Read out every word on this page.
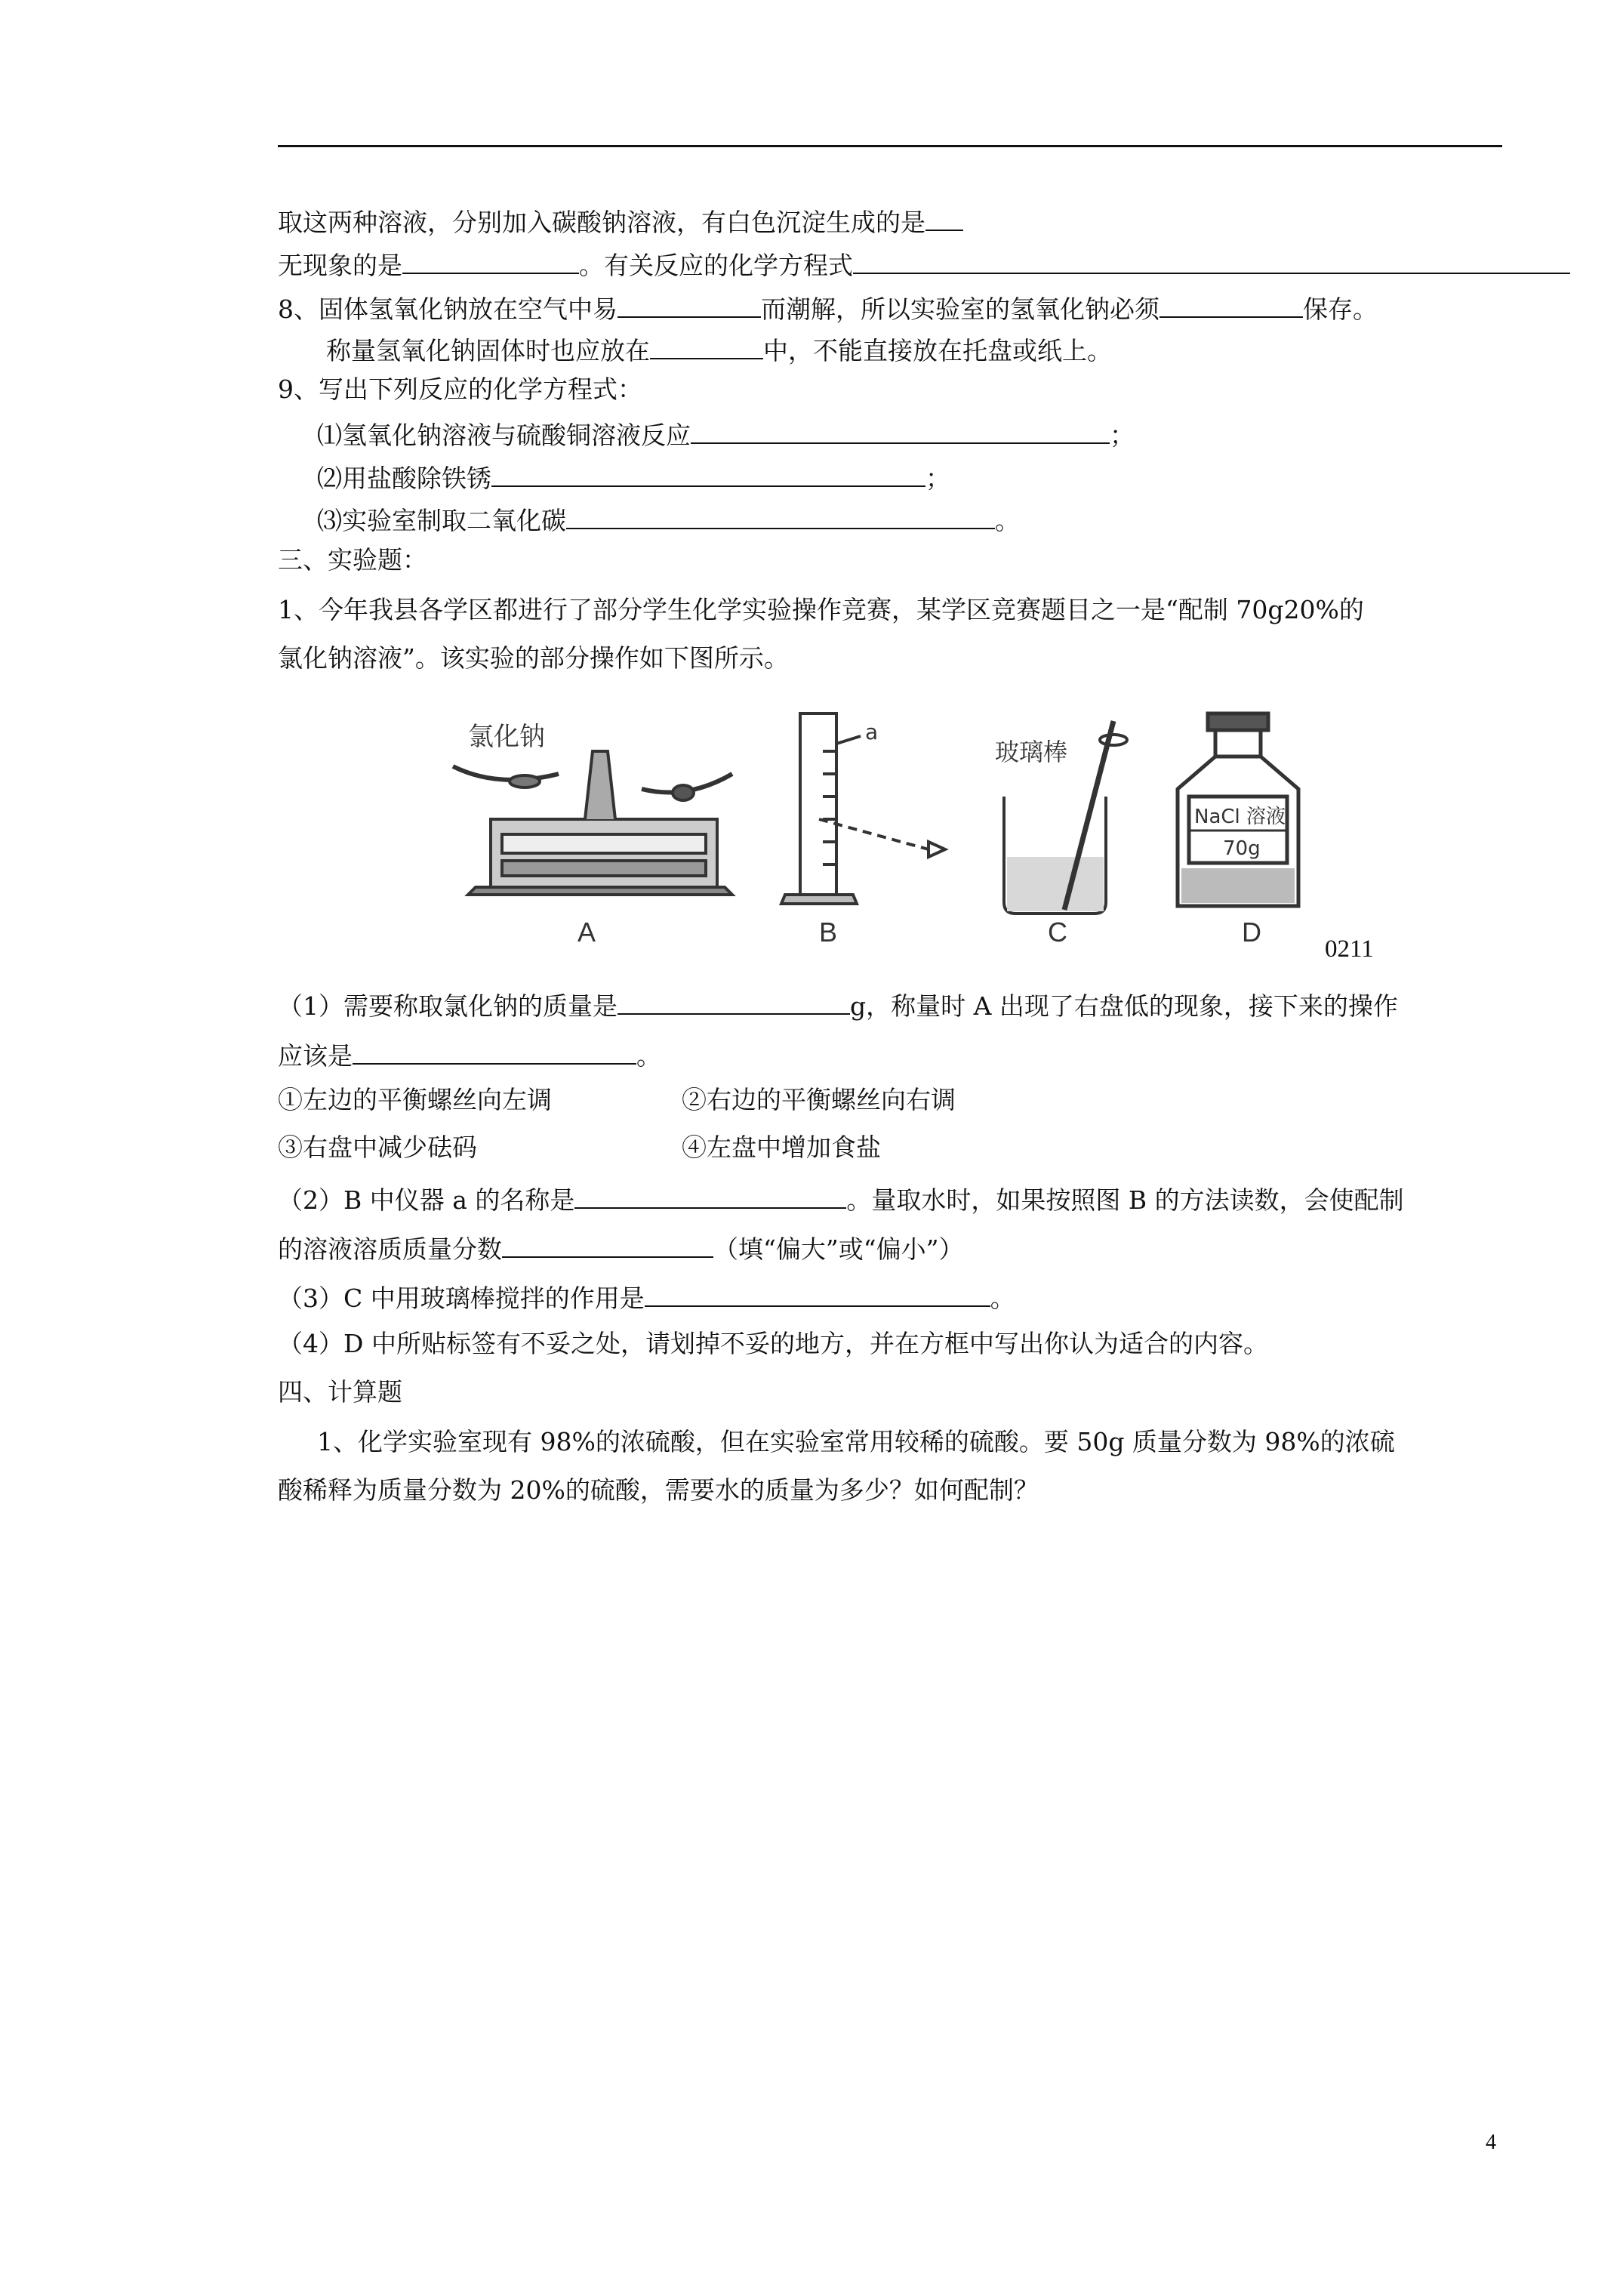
取这两种溶液，分别加入碳酸钠溶液，有白色沉淀生成的是
无现象的是	。有关反应的化学方程式
8、固体氢氧化钠放在空气中易	而潮解，所以实验室的氢氧化钠必须	保存。
称量氢氧化钠固体时也应放在	中，不能直接放在托盘或纸上。
9、写出下列反应的化学方程式：
⑴氢氧化钠溶液与硫酸铜溶液反应	；
⑵用盐酸除铁锈	；
⑶实验室制取二氧化碳	。
三、实验题：
1、今年我县各学区都进行了部分学生化学实验操作竞赛，某学区竞赛题目之一是“配制 70g20%的
氯化钠溶液”。该实验的部分操作如下图所示。
氯化钠	a
玻璃棒
NaCl 溶液
70g
A	B	C	D
0211
（1）需要称取氯化钠的质量是	g，称量时 A 出现了右盘低的现象，接下来的操作
应该是	。
①左边的平衡螺丝向左调	②右边的平衡螺丝向右调
③右盘中减少砝码	④左盘中增加食盐
（2）B 中仪器 a 的名称是	。量取水时，如果按照图 B 的方法读数，会使配制
的溶液溶质质量分数	（填“偏大”或“偏小”）
（3）C 中用玻璃棒搅拌的作用是	。
（4）D 中所贴标签有不妥之处，请划掉不妥的地方，并在方框中写出你认为适合的内容。
四、计算题
1、化学实验室现有 98%的浓硫酸，但在实验室常用较稀的硫酸。要 50g 质量分数为 98%的浓硫
酸稀释为质量分数为 20%的硫酸，需要水的质量为多少？如何配制？
4
